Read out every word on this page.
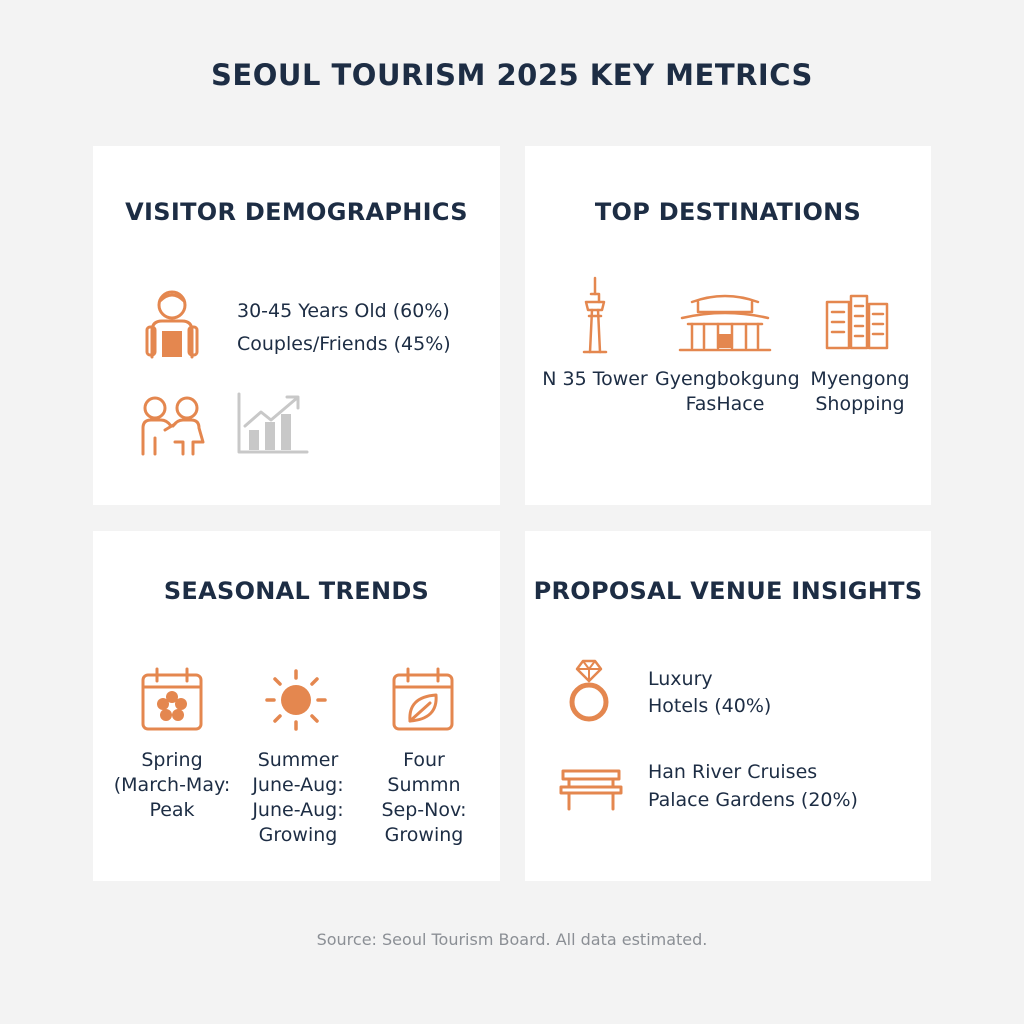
SEOUL TOURISM 2025 KEY METRICS
VISITOR DEMOGRAPHICS
30-45 Years Old (60%)
Couples/Friends (45%)
TOP DESTINATIONS
N 35 Tower Gyengbokgung
FasHace
Myengong
Shopping
SEASONAL TRENDS
Spring
(March-May:
Peak
Summer
June-Aug:
June-Aug:
Growing
Four
Summn
Sep-Nov:
Growing
PROPOSAL VENUE INSIGHTS
Luxury
Hotels (40%)
Han River Cruises
Palace Gardens (20%)
Source: Seoul Tourism Board. All data estimated.
